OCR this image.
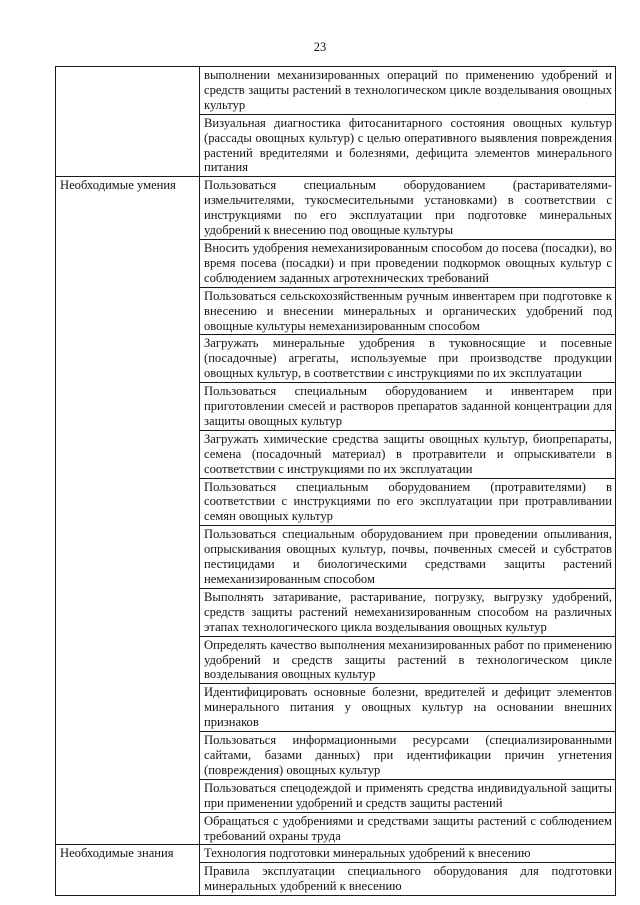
23
	выполнении механизированных операций по применению удобрений и средств защиты растений в технологическом цикле возделывания овощных культур
	Визуальная диагностика фитосанитарного состояния овощных культур (рассады овощных культур) с целью оперативного выявления повреждения растений вредителями и болезнями, дефицита элементов минерального питания
Необходимые умения	Пользоваться специальным оборудованием (растаривателями-измельчителями, тукосмесительными установками) в соответствии с инструкциями по его эксплуатации при подготовке минеральных удобрений к внесению под овощные культуры
	Вносить удобрения немеханизированным способом до посева (посадки), во время посева (посадки) и при проведении подкормок овощных культур с соблюдением заданных агротехнических требований
	Пользоваться сельскохозяйственным ручным инвентарем при подготовке к внесению и внесении минеральных и органических удобрений под овощные культуры немеханизированным способом
	Загружать минеральные удобрения в туковносящие и посевные (посадочные) агрегаты, используемые при производстве продукции овощных культур, в соответствии с инструкциями по их эксплуатации
	Пользоваться специальным оборудованием и инвентарем при приготовлении смесей и растворов препаратов заданной концентрации для защиты овощных культур
	Загружать химические средства защиты овощных культур, биопрепараты, семена (посадочный материал) в протравители и опрыскиватели в соответствии с инструкциями по их эксплуатации
	Пользоваться специальным оборудованием (протравителями) в соответствии с инструкциями по его эксплуатации при протравливании семян овощных культур
	Пользоваться специальным оборудованием при проведении опыливания, опрыскивания овощных культур, почвы, почвенных смесей и субстратов пестицидами и биологическими средствами защиты растений немеханизированным способом
	Выполнять затаривание, растаривание, погрузку, выгрузку удобрений, средств защиты растений немеханизированным способом на различных этапах технологического цикла возделывания овощных культур
	Определять качество выполнения механизированных работ по применению удобрений и средств защиты растений в технологическом цикле возделывания овощных культур
	Идентифицировать основные болезни, вредителей и дефицит элементов минерального питания у овощных культур на основании внешних признаков
	Пользоваться информационными ресурсами (специализированными сайтами, базами данных) при идентификации причин угнетения (повреждения) овощных культур
	Пользоваться спецодеждой и применять средства индивидуальной защиты при применении удобрений и средств защиты растений
	Обращаться с удобрениями и средствами защиты растений с соблюдением требований охраны труда
Необходимые знания	Технология подготовки минеральных удобрений к внесению
	Правила эксплуатации специального оборудования для подготовки минеральных удобрений к внесению
